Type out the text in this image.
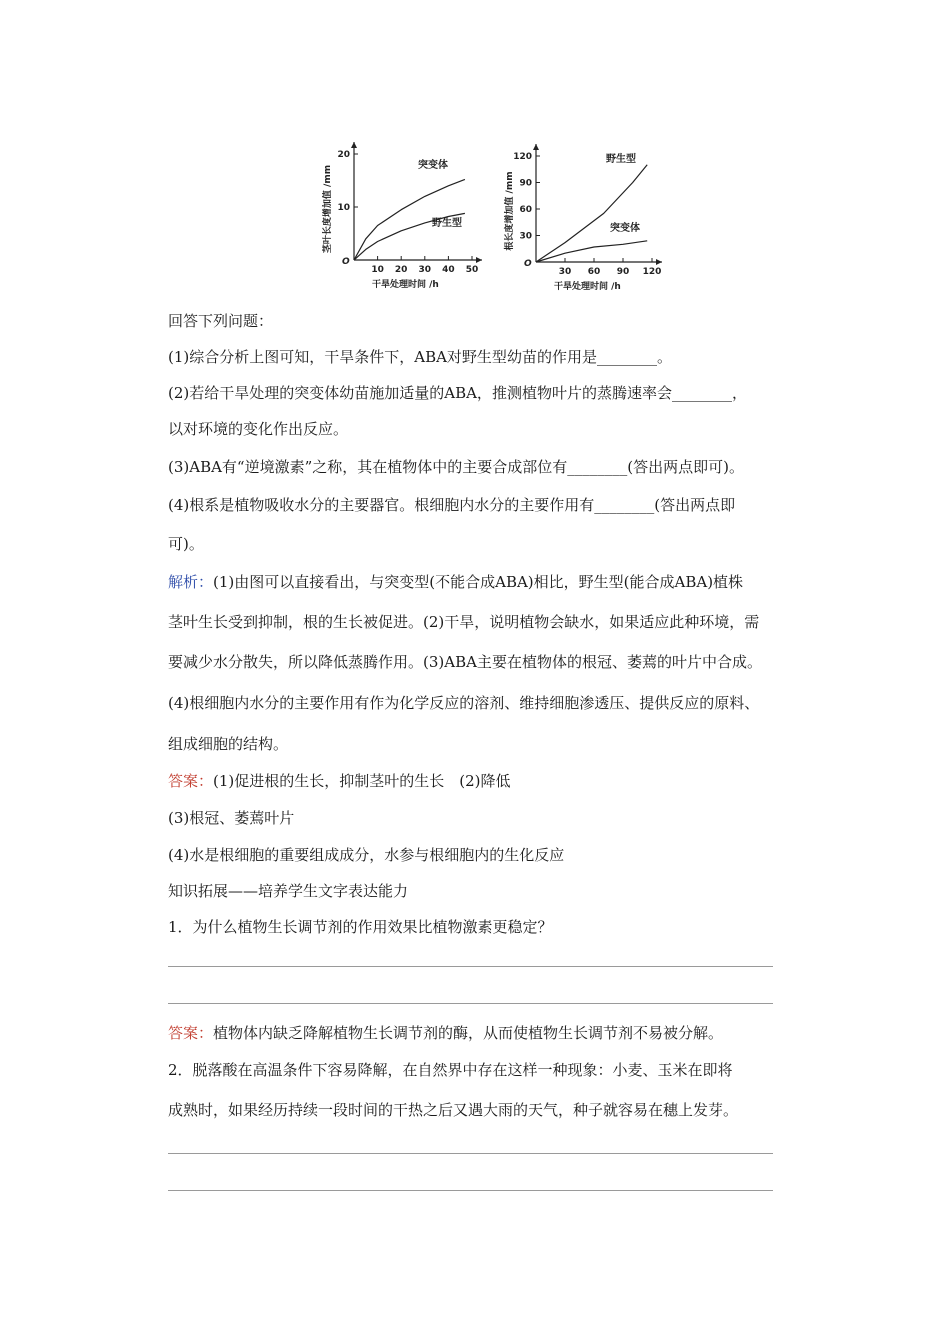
O
20
10
10 20 30 40 50
干旱处理时间 /h
茎叶长度增加值 /mm	突变体
野生型
O
120
90
60
30
30 60 90 120
干旱处理时间 /h
根长度增加值 /mm
野生型
突变体
回答下列问题：
(1)综合分析上图可知，干旱条件下，ABA对野生型幼苗的作用是________。
(2)若给干旱处理的突变体幼苗施加适量的ABA，推测植物叶片的蒸腾速率会________，
以对环境的变化作出反应。
(3)ABA有“逆境激素”之称，其在植物体中的主要合成部位有________(答出两点即可)。
(4)根系是植物吸收水分的主要器官。根细胞内水分的主要作用有________(答出两点即
可)。
解析：(1)由图可以直接看出，与突变型(不能合成ABA)相比，野生型(能合成ABA)植株
茎叶生长受到抑制，根的生长被促进。(2)干旱，说明植物会缺水，如果适应此种环境，需
要减少水分散失，所以降低蒸腾作用。(3)ABA主要在植物体的根冠、萎蔫的叶片中合成。
(4)根细胞内水分的主要作用有作为化学反应的溶剂、维持细胞渗透压、提供反应的原料、
组成细胞的结构。
答案：(1)促进根的生长，抑制茎叶的生长　(2)降低
(3)根冠、萎蔫叶片
(4)水是根细胞的重要组成成分，水参与根细胞内的生化反应
知识拓展——培养学生文字表达能力
1．为什么植物生长调节剂的作用效果比植物激素更稳定？
答案：植物体内缺乏降解植物生长调节剂的酶，从而使植物生长调节剂不易被分解。
2．脱落酸在高温条件下容易降解，在自然界中存在这样一种现象：小麦、玉米在即将
成熟时，如果经历持续一段时间的干热之后又遇大雨的天气，种子就容易在穗上发芽。
